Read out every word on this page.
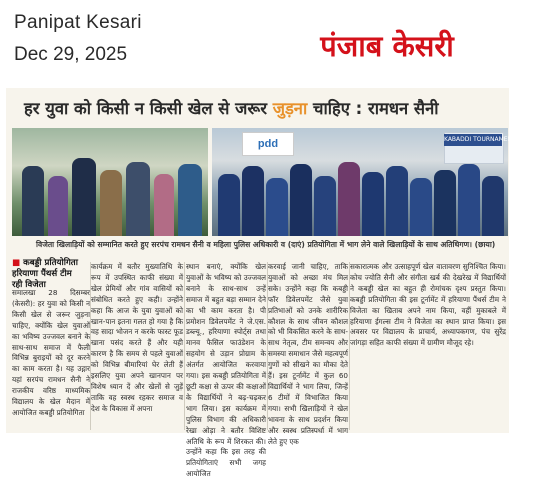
Panipat Kesari
Dec 29, 2025	पंजाब केसरी
हर युवा को किसी न किसी खेल से जरूर जुड़ना चाहिए : रामधन सैनी
pdd	KABADDI TOURNAMENT 2025
विजेता खिलाड़ियों को सम्मानित करते हुए सरपंच रामधन सैनी व महिला पुलिस अधिकारी व (दाएं) प्रतियोगिता में भाग लेने वाले खिलाड़ियों के साथ अतिथिगण। (छाया)
■ कबड्डी प्रतियोगिता हरियाणा पैंथर्स टीम रही विजेता
समालखा 28 दिसम्बर (केसरी): हर युवा को किसी न किसी खेल से जरूर जुड़ना चाहिए, क्योंकि खेल युवाओं का भविष्य उज्जवल बनाने के साथ-साथ समाज में फैली विभिन्न बुराइयों को दूर करने का काम करता है। यह उद्गार यहां सरपंच रामधन सैनी ने राजकीय वरिष्ठ माध्यमिक विद्यालय के खेल मैदान में आयोजित कबड्डी प्रतियोगिता
कार्यक्रम में बतौर मुख्यातिथि के रूप में उपस्थित काफी संख्या में खेल प्रेमियों और गांव वासियों को संबोधित करते हुए कही। उन्होंने कहा कि आज के युवा युवाओं को खान-पान इतना गलत हो गया है कि वह सादा भोजन न करके फास्ट फूड खाना पसंद करते हैं और यही कारण है कि समय से पहले युवाओं को विभिन्न बीमारियां घेर लेती हैं इसलिए युवा अपने खानपान पर विशेष ध्यान दें और खेलों से जुड़ें ताकि वह स्वस्थ रहकर समाज व देश के विकास में अपना
स्थान बनाएं, क्योंकि खेल युवाओं के भविष्य को उज्जवल बनाने के साथ-साथ उन्हें समाज में बहुत बड़ा सम्मान देने का भी काम करता है। पी प्रमोशन डिवेलपमेंट ने जे.एस. डब्ल्यू., हरियाणा स्पोर्ट्स तथा मानव फैसिल फाउंडेशन के सहयोग से उड़ान प्रोग्राम के अंतर्गत आयोजित करवाया गया। इस कबड्डी प्रतियोगिता में छूटी कक्षा से ऊपर की कक्षाओं के विद्यार्थियों ने बढ़-चढ़कर भाग लिया। इस कार्यक्रम में पुलिस विभाग की अधिकारी रेखा ओड़ा ने बतौर विशिष्ट अतिथि के रूप में शिरकत की। उन्होंने कहा कि इस तरह की प्रतियोगिताएं सभी जगह आयोजित
करवाई जानी चाहिए, ताकि युवाओं को अच्छा मंच मिल सके। उन्होंने कहा कि कबड्डी फॉर डिवेलपमेंट जैसे युवा प्रतिभाओं को उनके शारीरिक कौशल के साथ जीवन कौशल को भी विकसित करने के साथ-साथ नेतृत्व, टीम समन्वय और समस्या समाधान जैसे महत्वपूर्ण गुणों को सीखने का मौका देते हैं। इस टूर्नामेंट में कुल 60 विद्यार्थियों ने भाग लिया, जिन्हें 6 टीमों में विभाजित किया गया। सभी खिलाड़ियों ने खेल भावना के साथ प्रदर्शन किया और स्वस्थ प्रतिस्पर्धा में भाग लेते हुए एक
सकारात्मक और उत्साहपूर्ण खेल वातावरण सुनिश्चित किया। कोच ज्योति सैनी और संगीता खर्ब की देखरेख में विद्यार्थियों ने कबड्डी खेल का बहुत ही रोमांचक दृश्य प्रस्तुत किया। कबड्डी प्रतियोगिता की इस टूर्नामेंट में हरियाणा पैंथर्स टीम ने विजेता का खिताब अपने नाम किया, वहीं मुकाबले में हरियाणा ईगल्स टीम ने विजेता का स्थान प्राप्त किया। इस अवसर पर विद्यालय के प्राचार्य, अध्यापकगण, पंच सुरेंद्र जांगड़ा सहित काफी संख्या में ग्रामीण मौजूद रहे।
